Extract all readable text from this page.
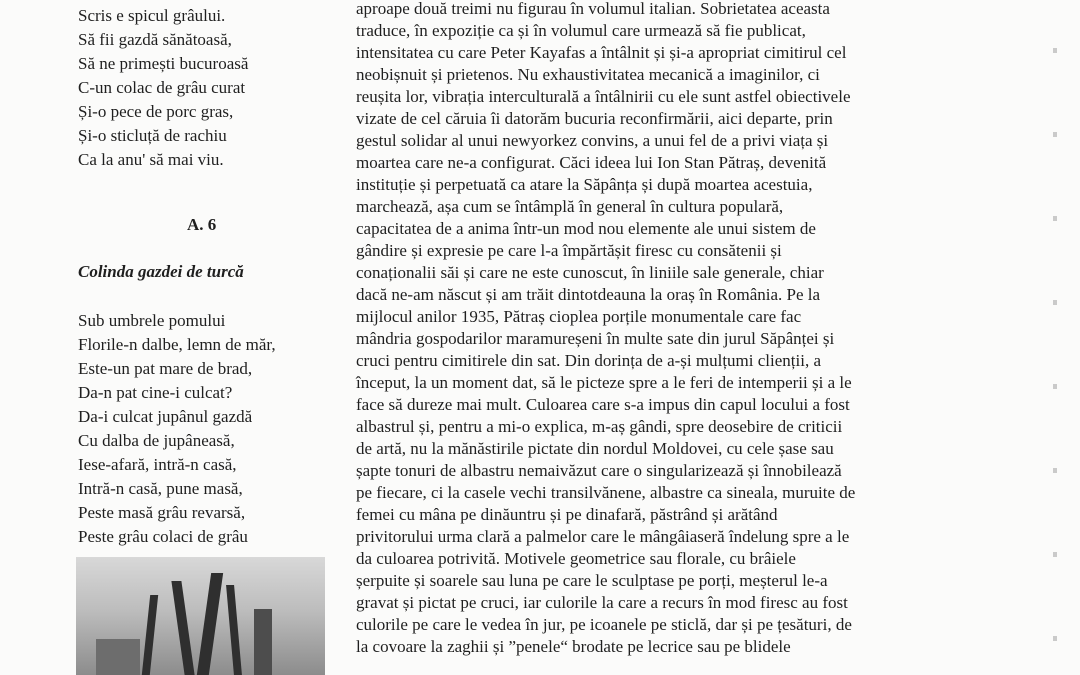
Scris e spicul grâului.
Să fii gazdă sănătoasă,
Să ne primești bucuroasă
C-un colac de grâu curat
Și-o pece de porc gras,
Și-o sticluță de rachiu
Ca la anu' să mai viu.
A. 6
Colinda gazdei de turcă
Sub umbrele pomului
Florile-n dalbe, lemn de măr,
Este-un pat mare de brad,
Da-n pat cine-i culcat?
Da-i culcat jupânul gazdă
Cu dalba de jupâneasă,
Iese-afară, intră-n casă,
Intră-n casă, pune masă,
Peste masă grâu revarsă,
Peste grâu colaci de grâu
aproape două treimi nu figurau în volumul italian. Sobrietatea aceasta
traduce, în expoziție ca și în volumul care urmează să fie publicat,
intensitatea cu care Peter Kayafas a întâlnit și și-a apropriat cimitirul cel
neobișnuit și prietenos. Nu exhaustivitatea mecanică a imaginilor, ci
reușita lor, vibrația interculturală a întâlnirii cu ele sunt astfel obiectivele
vizate de cel căruia îi datorăm bucuria reconfirmării, aici departe, prin
gestul solidar al unui newyorkez convins, a unui fel de a privi viața și
moartea care ne-a configurat. Căci ideea lui Ion Stan Pătraș, devenită
instituție și perpetuată ca atare la Săpânța și după moartea acestuia,
marchează, așa cum se întâmplă în general în cultura populară,
capacitatea de a anima într-un mod nou elemente ale unui sistem de
gândire și expresie pe care l-a împărtășit firesc cu consătenii și
conaționalii săi și care ne este cunoscut, în liniile sale generale, chiar
dacă ne-am născut și am trăit dintotdeauna la oraș în România. Pe la
mijlocul anilor 1935, Pătraș cioplea porțile monumentale care fac
mândria gospodarilor maramureșeni în multe sate din jurul Săpânței și
cruci pentru cimitirele din sat. Din dorința de a-și mulțumi clienții, a
început, la un moment dat, să le picteze spre a le feri de intemperii și a le
face să dureze mai mult. Culoarea care s-a impus din capul locului a fost
albastrul și, pentru a mi-o explica, m-aș gândi, spre deosebire de criticii
de artă, nu la mănăstirile pictate din nordul Moldovei, cu cele șase sau
șapte tonuri de albastru nemaivăzut care o singularizează și înnobilează
pe fiecare, ci la casele vechi transilvănene, albastre ca sineala, muruite de
femei cu mâna pe dinăuntru și pe dinafară, păstrând și arătând
privitorului urma clară a palmelor care le mângâiaseră îndelung spre a le
da culoarea potrivită. Motivele geometrice sau florale, cu brâiele
șerpuite și soarele sau luna pe care le sculptase pe porți, meșterul le-a
gravat și pictat pe cruci, iar culorile la care a recurs în mod firesc au fost
culorile pe care le vedea în jur, pe icoanele pe sticlă, dar și pe țesături, de
la covoare la zaghii și ”penele“ brodate pe lecrice sau pe blidele
